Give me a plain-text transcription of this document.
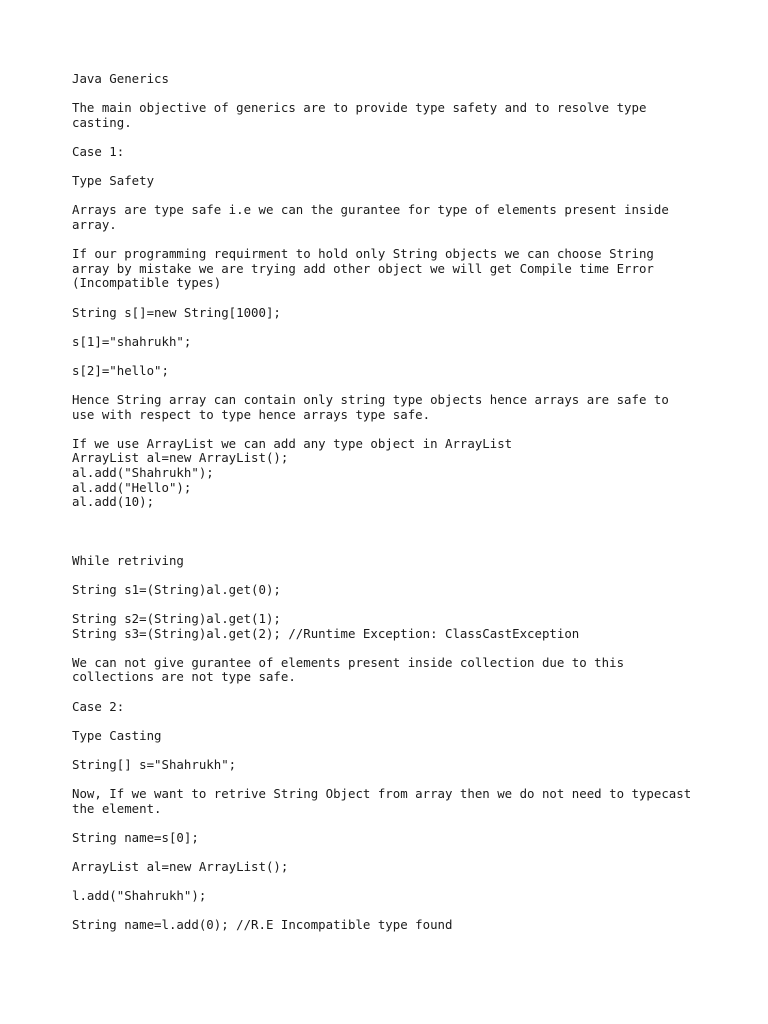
Java Generics
The main objective of generics are to provide type safety and to resolve type
casting.
Case 1:
Type Safety
Arrays are type safe i.e we can the gurantee for type of elements present inside
array.
If our programming requirment to hold only String objects we can choose String
array by mistake we are trying add other object we will get Compile time Error
(Incompatible types)
String s[]=new String[1000];
s[1]="shahrukh";
s[2]="hello";
Hence String array can contain only string type objects hence arrays are safe to
use with respect to type hence arrays type safe.
If we use ArrayList we can add any type object in ArrayList
ArrayList al=new ArrayList();
al.add("Shahrukh");
al.add("Hello");
al.add(10);
While retriving
String s1=(String)al.get(0);
String s2=(String)al.get(1);
String s3=(String)al.get(2); //Runtime Exception: ClassCastException
We can not give gurantee of elements present inside collection due to this
collections are not type safe.
Case 2:
Type Casting
String[] s="Shahrukh";
Now, If we want to retrive String Object from array then we do not need to typecast
the element.
String name=s[0];
ArrayList al=new ArrayList();
l.add("Shahrukh");
String name=l.add(0); //R.E Incompatible type found
